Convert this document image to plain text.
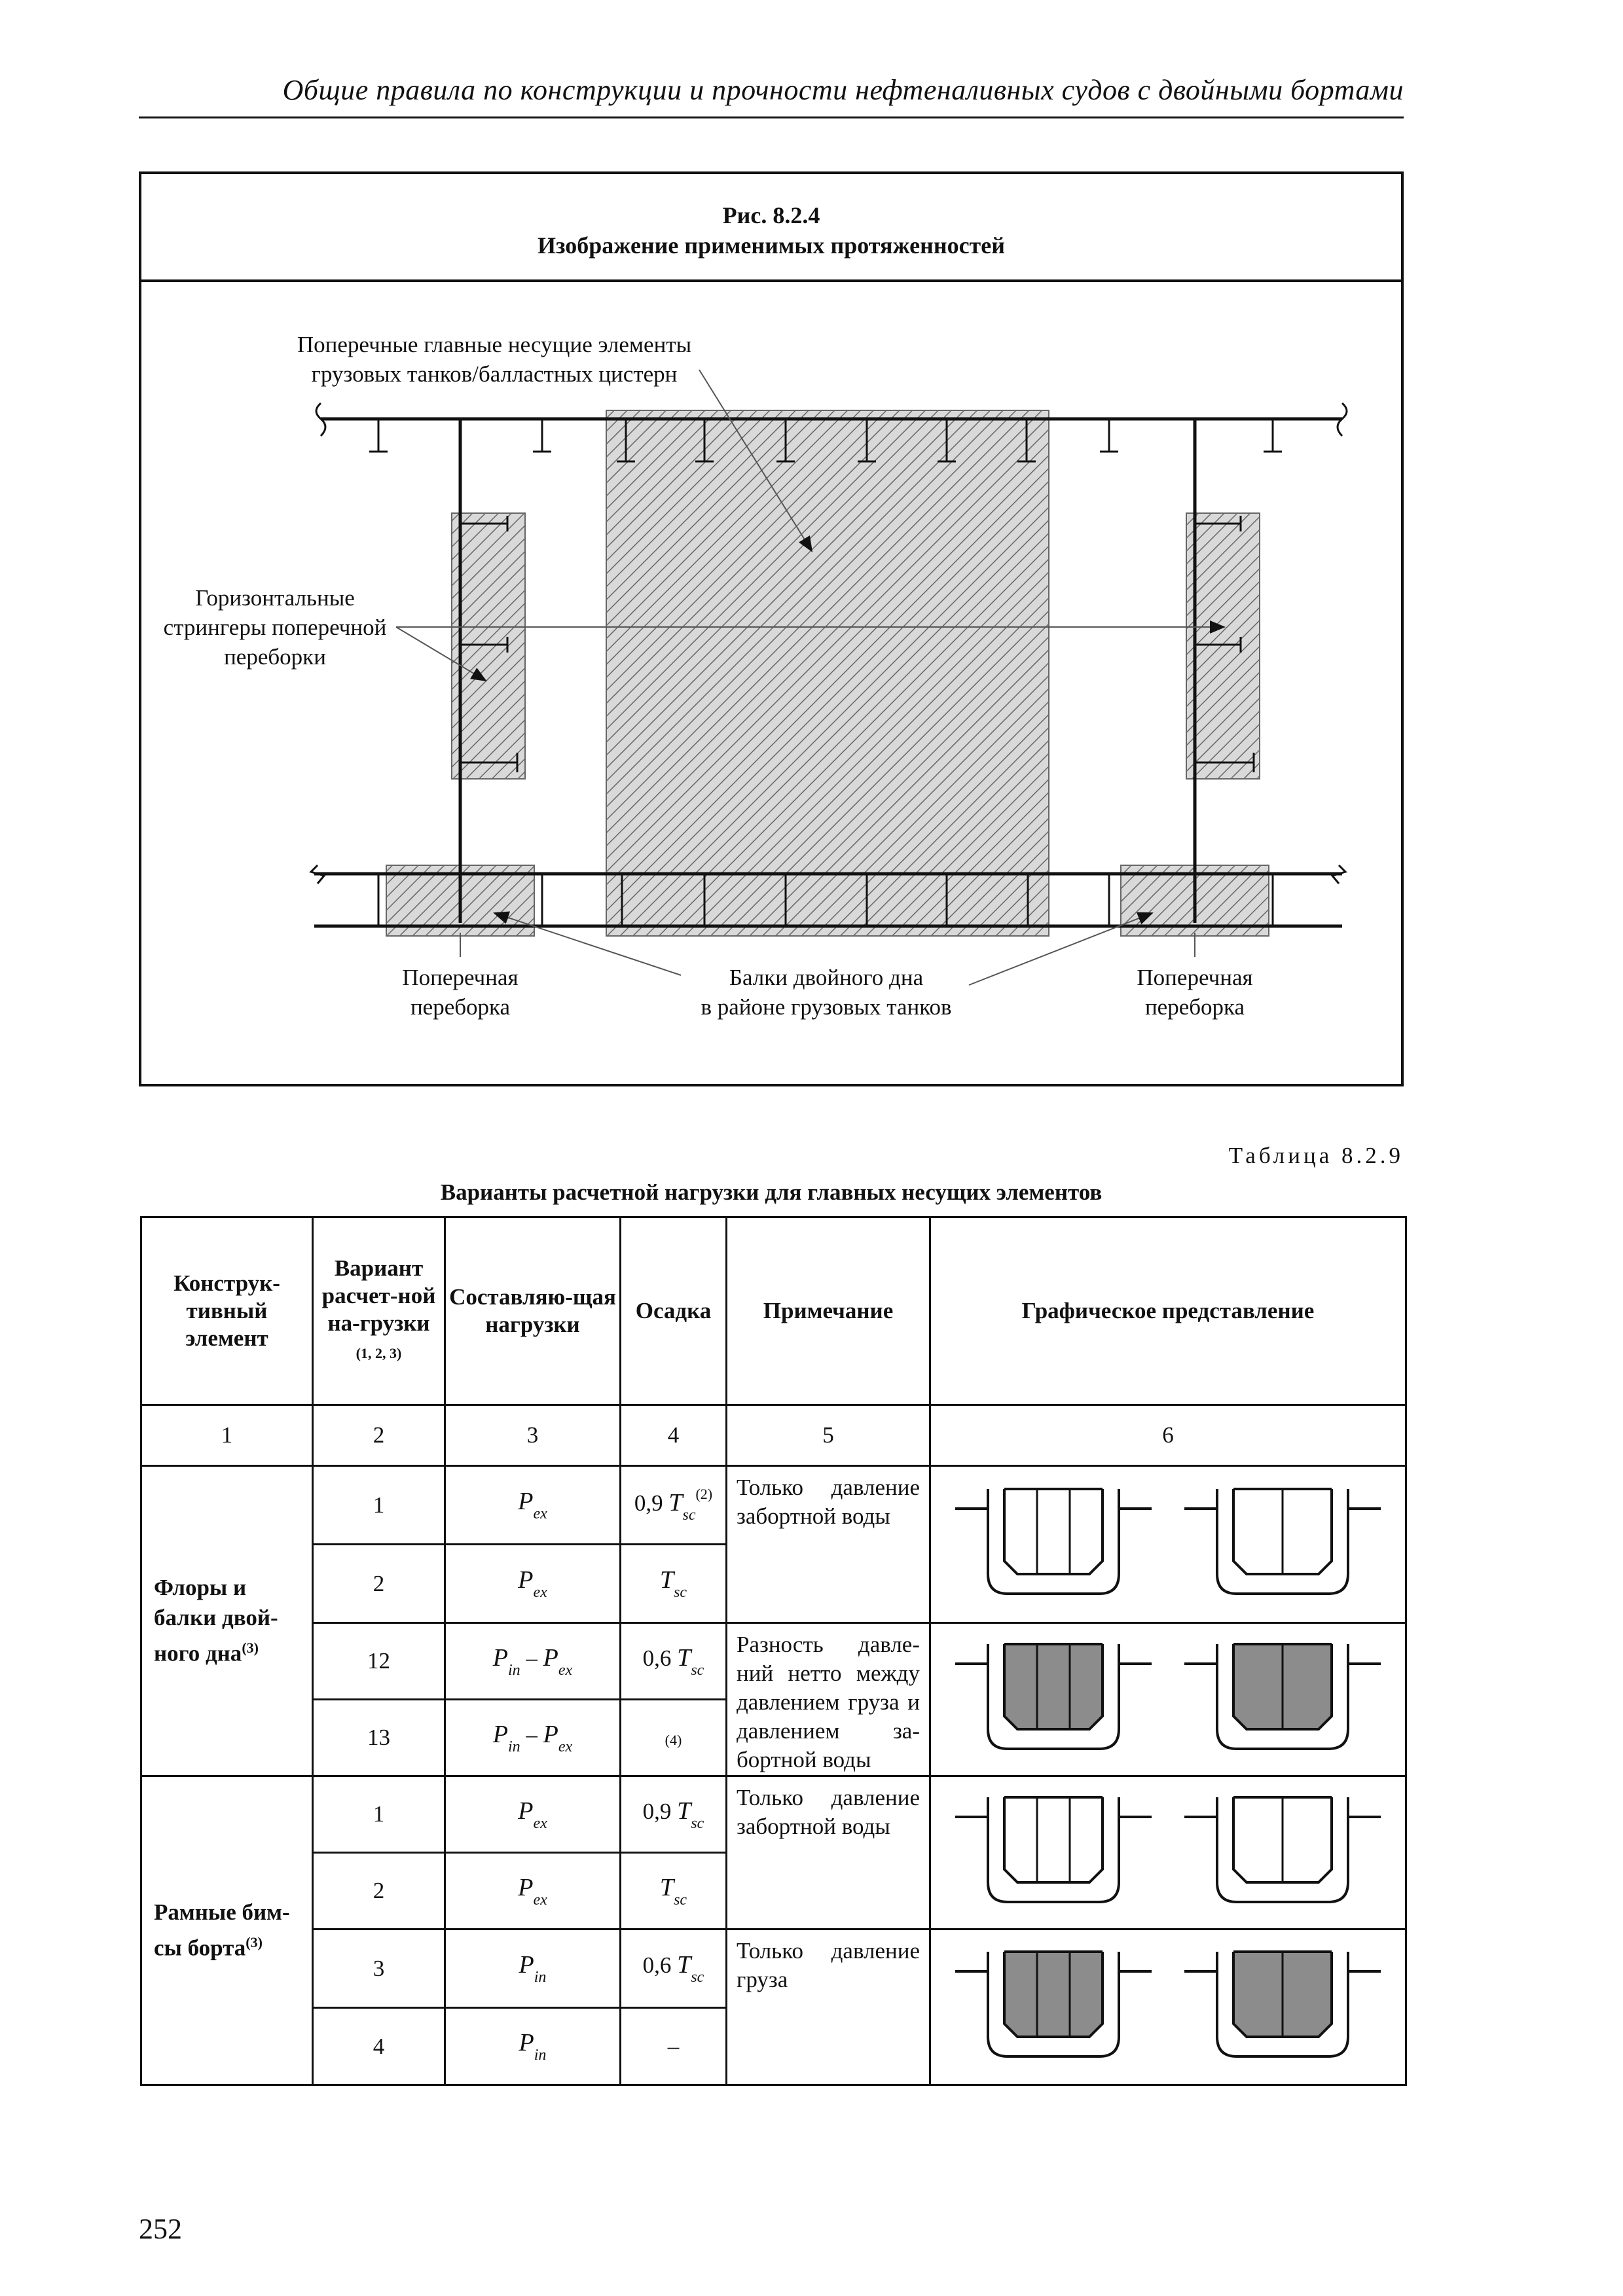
Общие правила по конструкции и прочности нефтеналивных судов с двойными бортами
Рис. 8.2.4
Изображение применимых протяженностей
Поперечные главные несущие элементы
грузовых танков/балластных цистерн
Горизонтальные
стрингеры поперечной
переборки
Поперечная
переборка
Балки двойного дна
в районе грузовых танков
Поперечная
переборка
Таблица 8.2.9
Варианты расчетной нагрузки для главных несущих элементов
Конструк-тивный элемент	Вариант расчет-ной на-грузки
(1, 2, 3)	Составляю-щая нагрузки	Осадка	Примечание	Графическое представление
1	2	3	4	5	6
Флоры и балки двой-ного дна$^{(3)}$	1	$P_{ex}$	0,9 $T_{sc}^{(2)}$	Только давление забортной воды	
	2	$P_{ex}$	$T_{sc}$
	12	$P_{in} - P_{ex}$	0,6 $T_{sc}$	Разность давле-ний нетто между давлением груза и давлением за-бортной воды	
	13	$P_{in} - P_{ex}$	(4)		
Рамные бим-сы борта$^{(3)}$	1	$P_{ex}$	0,9 $T_{sc}$	Только давление забортной воды	
	2	$P_{ex}$	$T_{sc}$
	3	$P_{in}$	0,6 $T_{sc}$	Только давление груза	
	4	$P_{in}$	–		
252
